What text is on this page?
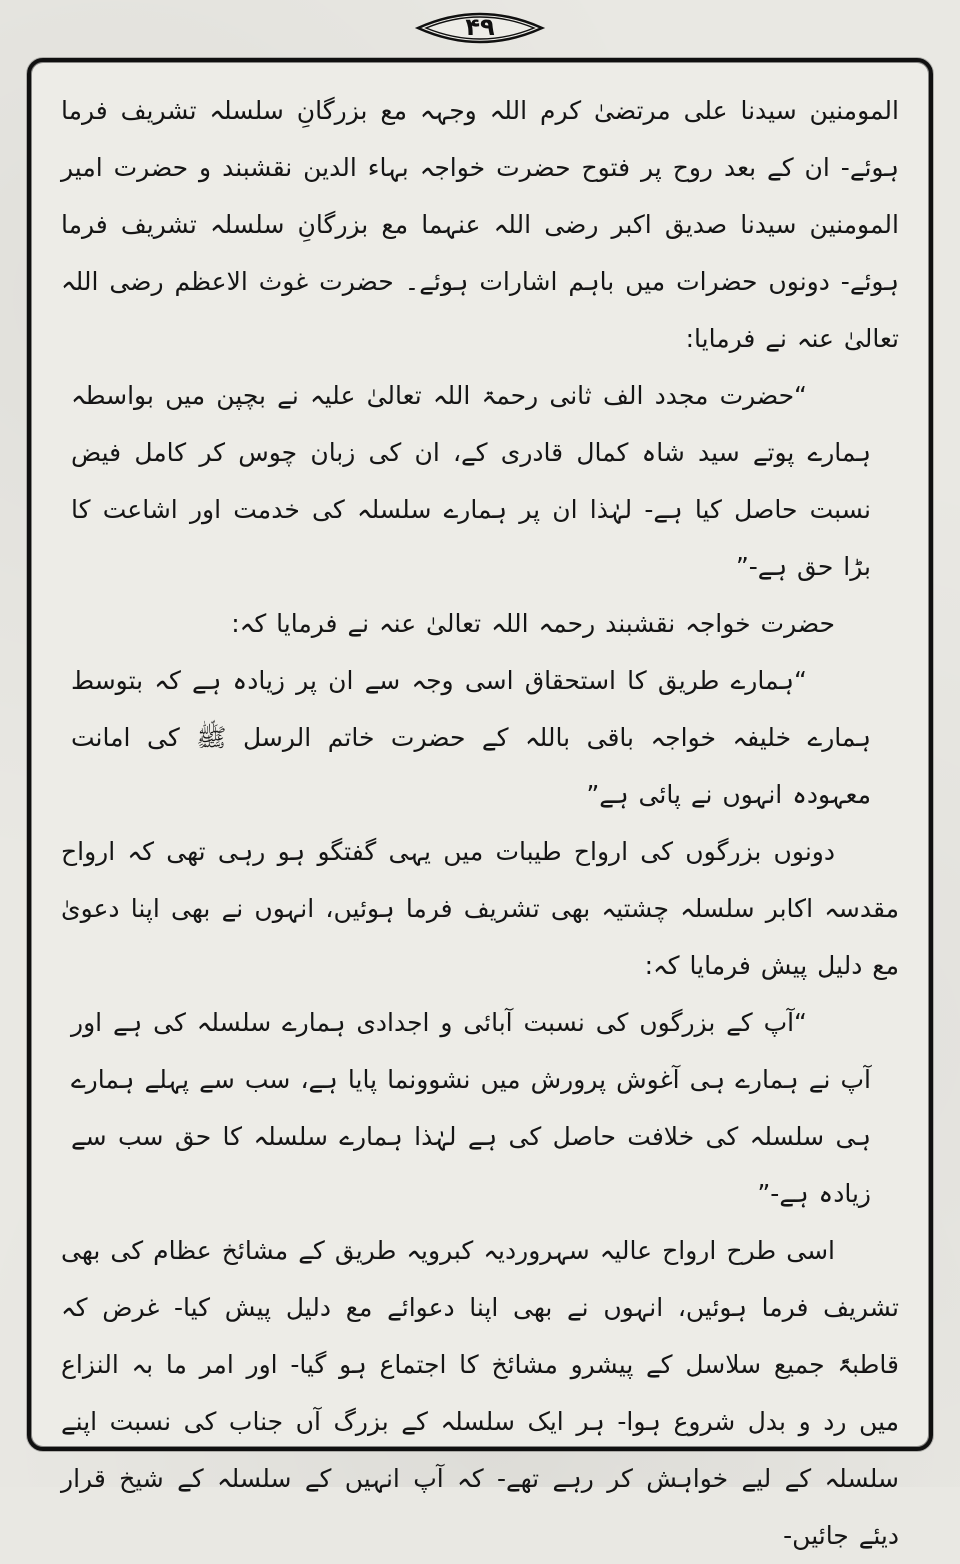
۴۹

المومنین سیدنا علی مرتضیٰ کرم اللہ وجہہ مع بزرگانِ سلسلہ تشریف فرما ہوئے- ان کے بعد روح پر فتوح حضرت خواجہ بہاء الدین نقشبند و حضرت امیر المومنین سیدنا صدیق اکبر رضی اللہ عنہما مع بزرگانِ سلسلہ تشریف فرما ہوئے- دونوں حضرات میں باہم اشارات ہوئے۔ حضرت غوث الاعظم رضی اللہ تعالیٰ عنہ نے فرمایا:

“حضرت مجدد الف ثانی رحمۃ اللہ تعالیٰ علیہ نے بچپن میں بواسطہ ہمارے پوتے سید شاہ کمال قادری کے، ان کی زبان چوس کر کامل فیض نسبت حاصل کیا ہے- لہٰذا ان پر ہمارے سلسلہ کی خدمت اور اشاعت کا بڑا حق ہے-”

حضرت خواجہ نقشبند رحمہ اللہ تعالیٰ عنہ نے فرمایا کہ:

“ہمارے طریق کا استحقاق اسی وجہ سے ان پر زیادہ ہے کہ بتوسط ہمارے خلیفہ خواجہ باقی باللہ کے حضرت خاتم الرسل ﷺ کی امانت معہودہ انہوں نے پائی ہے”

دونوں بزرگوں کی ارواح طیبات میں یہی گفتگو ہو رہی تھی کہ ارواح مقدسہ اکابر سلسلہ چشتیہ بھی تشریف فرما ہوئیں، انہوں نے بھی اپنا دعویٰ مع دلیل پیش فرمایا کہ:

“آپ کے بزرگوں کی نسبت آبائی و اجدادی ہمارے سلسلہ کی ہے اور آپ نے ہمارے ہی آغوش پرورش میں نشوونما پایا ہے، سب سے پہلے ہمارے ہی سلسلہ کی خلافت حاصل کی ہے لہٰذا ہمارے سلسلہ کا حق سب سے زیادہ ہے-”

اسی طرح ارواح عالیہ سہروردیہ کبرویہ طریق کے مشائخ عظام کی بھی تشریف فرما ہوئیں، انہوں نے بھی اپنا دعوائے مع دلیل پیش کیا- غرض کہ قاطبۃً جمیع سلاسل کے پیشرو مشائخ کا اجتماع ہو گیا- اور امر ما بہ النزاع میں رد و بدل شروع ہوا- ہر ایک سلسلہ کے بزرگ آں جناب کی نسبت اپنے سلسلہ کے لیے خواہش کر رہے تھے- کہ آپ انہیں کے سلسلہ کے شیخ قرار دیئے جائیں-
